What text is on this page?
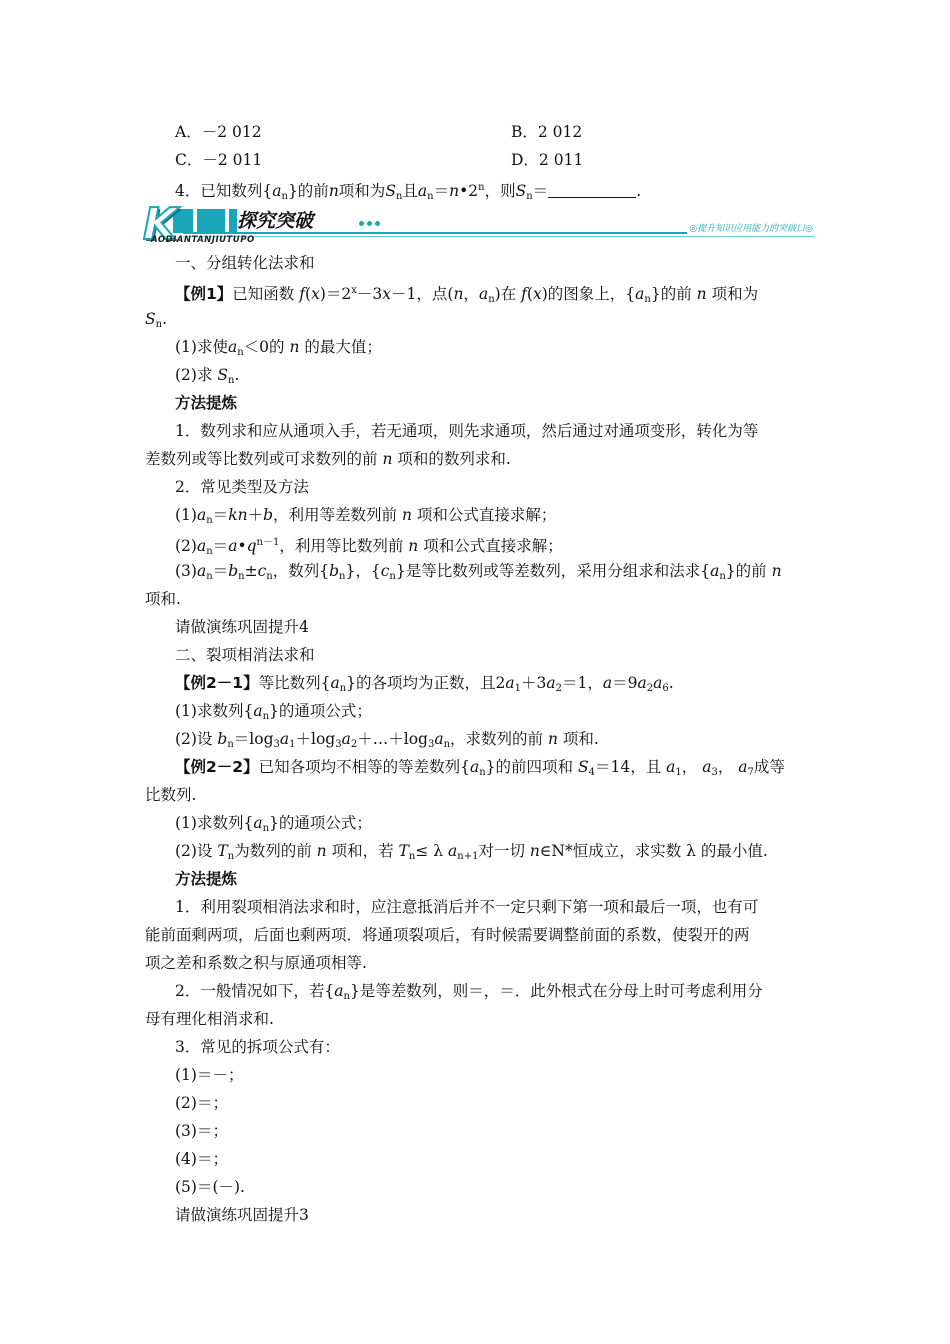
A．－2 012	B．2 012
C．－2 011	D．2 011
4．已知数列$\{a_n\}$的前n项和为$S_n$且$a_n=n•2^n$，则$S_n=$	.
K	探究突破
AODIANTANJIUTUPO
◎提升知识应用能力的突破口◎
一、分组转化法求和
【例1】已知函数 $f(x)=2^x-3x-1$，点(n，$a_n$)在 f(x)的图象上，$\{a_n\}$的前 n 项和为
$S_n$.
(1)求使$a_n<0$的 n 的最大值；
(2)求 $S_n$.
方法提炼
1．数列求和应从通项入手，若无通项，则先求通项，然后通过对通项变形，转化为等
差数列或等比数列或可求数列的前 n 项和的数列求和.
2．常见类型及方法
$(1)a_n=kn+b$，利用等差数列前 n 项和公式直接求解；
$(2)a_n=a•q^{n-1}$，利用等比数列前 n 项和公式直接求解；
$(3)a_n=b_n\pm c_n$，数列$\{b_n\}$，$\{c_n\}$是等比数列或等差数列，采用分组求和法求$\{a_n\}$的前 n
项和.
请做演练巩固提升4
二、裂项相消法求和
【例2－1】等比数列$\{a_n\}$的各项均为正数，且$2a_1+3a_2=1$，$a=9a_2a_6$.
(1)求数列$\{a_n\}$的通项公式；
(2)设 $b_n=\log_3a_1+\log_3a_2+\dots+\log_3a_n$，求数列的前 n 项和.
【例2－2】已知各项均不相等的等差数列$\{a_n\}$的前四项和 $S_4=14$，且 $a_1$， $a_3$， $a_7$成等
比数列.
(1)求数列$\{a_n\}$的通项公式；
(2)设 $T_n$为数列的前 n 项和，若 $T_n\le \lambda$ $a_{n+1}$对一切 n∈N*恒成立，求实数 λ 的最小值.
方法提炼
1．利用裂项相消法求和时，应注意抵消后并不一定只剩下第一项和最后一项，也有可
能前面剩两项，后面也剩两项．将通项裂项后，有时候需要调整前面的系数，使裂开的两
项之差和系数之积与原通项相等.
2．一般情况如下，若$\{a_n\}$是等差数列，则＝，＝．此外根式在分母上时可考虑利用分
母有理化相消求和.
3．常见的拆项公式有：
(1)＝－；
(2)＝；
(3)＝；
(4)＝；
(5)＝(－).
请做演练巩固提升3
